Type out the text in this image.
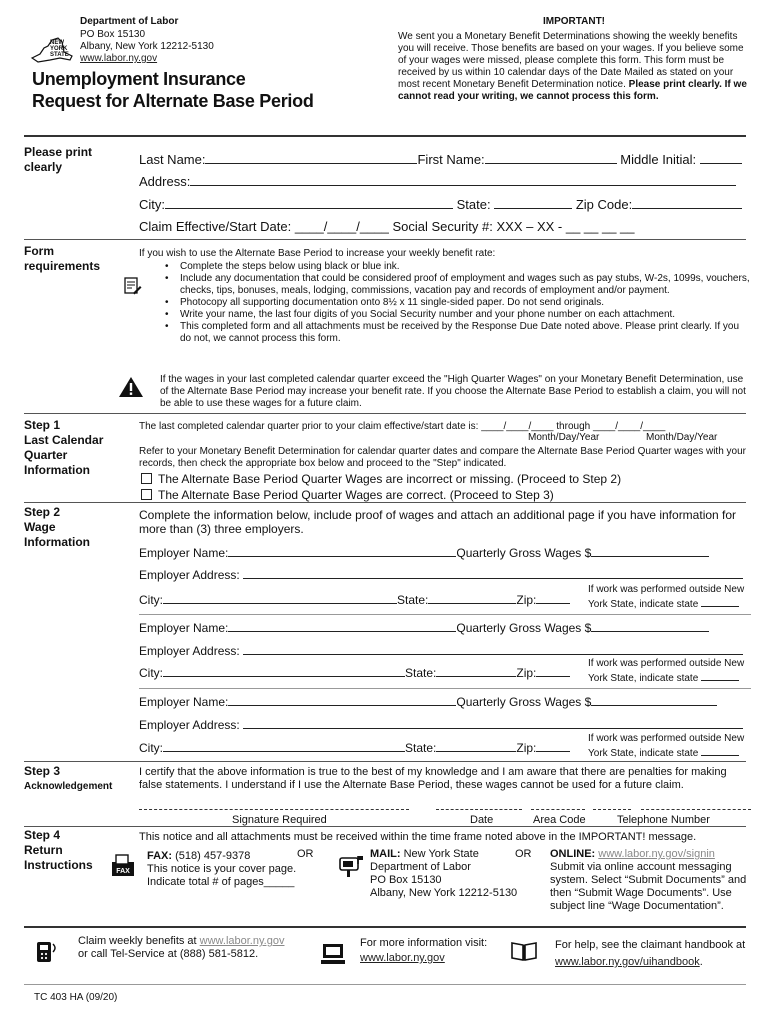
NEW
YORK
STATE
Department of Labor
PO Box 15130
Albany, New York 12212-5130
www.labor.ny.gov
Unemployment Insurance
Request for Alternate Base Period
IMPORTANT!
We sent you a Monetary Benefit Determinations showing the weekly benefits you will receive. Those benefits are based on your wages. If you believe some of your wages were missed, please complete this form. This form must be received by us within 10 calendar days of the Date Mailed as stated on your most recent Monetary Benefit Determination notice. Please print clearly. If we cannot read your writing, we cannot process this form.
Please print clearly	Last Name:	First Name:	Middle Initial:
Address:
City:	State:	Zip Code:
Claim Effective/Start Date: ____/____/____ Social Security #: XXX – XX - __ __ __ __
Form requirements
If you wish to use the Alternate Base Period to increase your weekly benefit rate:
• Complete the steps below using black or blue ink.
• Include any documentation that could be considered proof of employment and wages such as pay stubs, W-2s, 1099s, vouchers, checks, tips, bonuses, meals, lodging, commissions, vacation pay and records of employment and/or payment.
• Photocopy all supporting documentation onto 8½ x 11 single-sided paper. Do not send originals.
• Write your name, the last four digits of you Social Security number and your phone number on each attachment.
• This completed form and all attachments must be received by the Response Due Date noted above. Please print clearly. If you do not, we cannot process this form.
If the wages in your last completed calendar quarter exceed the "High Quarter Wages" on your Monetary Benefit Determination, use of the Alternate Base Period may increase your benefit rate. If you choose the Alternate Base Period to establish a claim, you will not be able to use these wages for a future claim.
Step 1
Last Calendar Quarter Information
The last completed calendar quarter prior to your claim effective/start date is: ____/____/____ through ____/____/____
Month/Day/Year	Month/Day/Year
Refer to your Monetary Benefit Determination for calendar quarter dates and compare the Alternate Base Period Quarter wages with your records, then check the appropriate box below and proceed to the "Step" indicated.
The Alternate Base Period Quarter Wages are incorrect or missing. (Proceed to Step 2)
The Alternate Base Period Quarter Wages are correct. (Proceed to Step 3)
Step 2
Wage Information
Complete the information below, include proof of wages and attach an additional page if you have information for more than (3) three employers.
Employer Name:	Quarterly Gross Wages $
Employer Address:
City:	State:	Zip:
If work was performed outside New
York State, indicate state
Employer Name:	Quarterly Gross Wages $
Employer Address:
City:	State:	Zip:
If work was performed outside New
York State, indicate state
Employer Name:	Quarterly Gross Wages $
Employer Address:
City:	State:	Zip:
If work was performed outside New
York State, indicate state
Step 3
Acknowledgement
I certify that the above information is true to the best of my knowledge and I am aware that there are penalties for making false statements. I understand if I use the Alternate Base Period, these wages cannot be used for a future claim.
Signature Required	Date	Area Code	Telephone Number
Step 4
Return Instructions
This notice and all attachments must be received within the time frame noted above in the IMPORTANT! message.
FAX
FAX: (518) 457-9378
This notice is your cover page.
Indicate total # of pages_____
OR	MAIL: New York State
Department of Labor
PO Box 15130
Albany, New York 12212-5130
OR ONLINE: www.labor.ny.gov/signin
Submit via online account messaging
system. Select “Submit Documents” and
then “Submit Wage Documents”. Use
subject line “Wage Documentation”.
Claim weekly benefits at www.labor.ny.gov
or call Tel-Service at (888) 581-5812.
For more information visit:
www.labor.ny.gov
For help, see the claimant handbook at
www.labor.ny.gov/uihandbook.
TC 403 HA (09/20)
